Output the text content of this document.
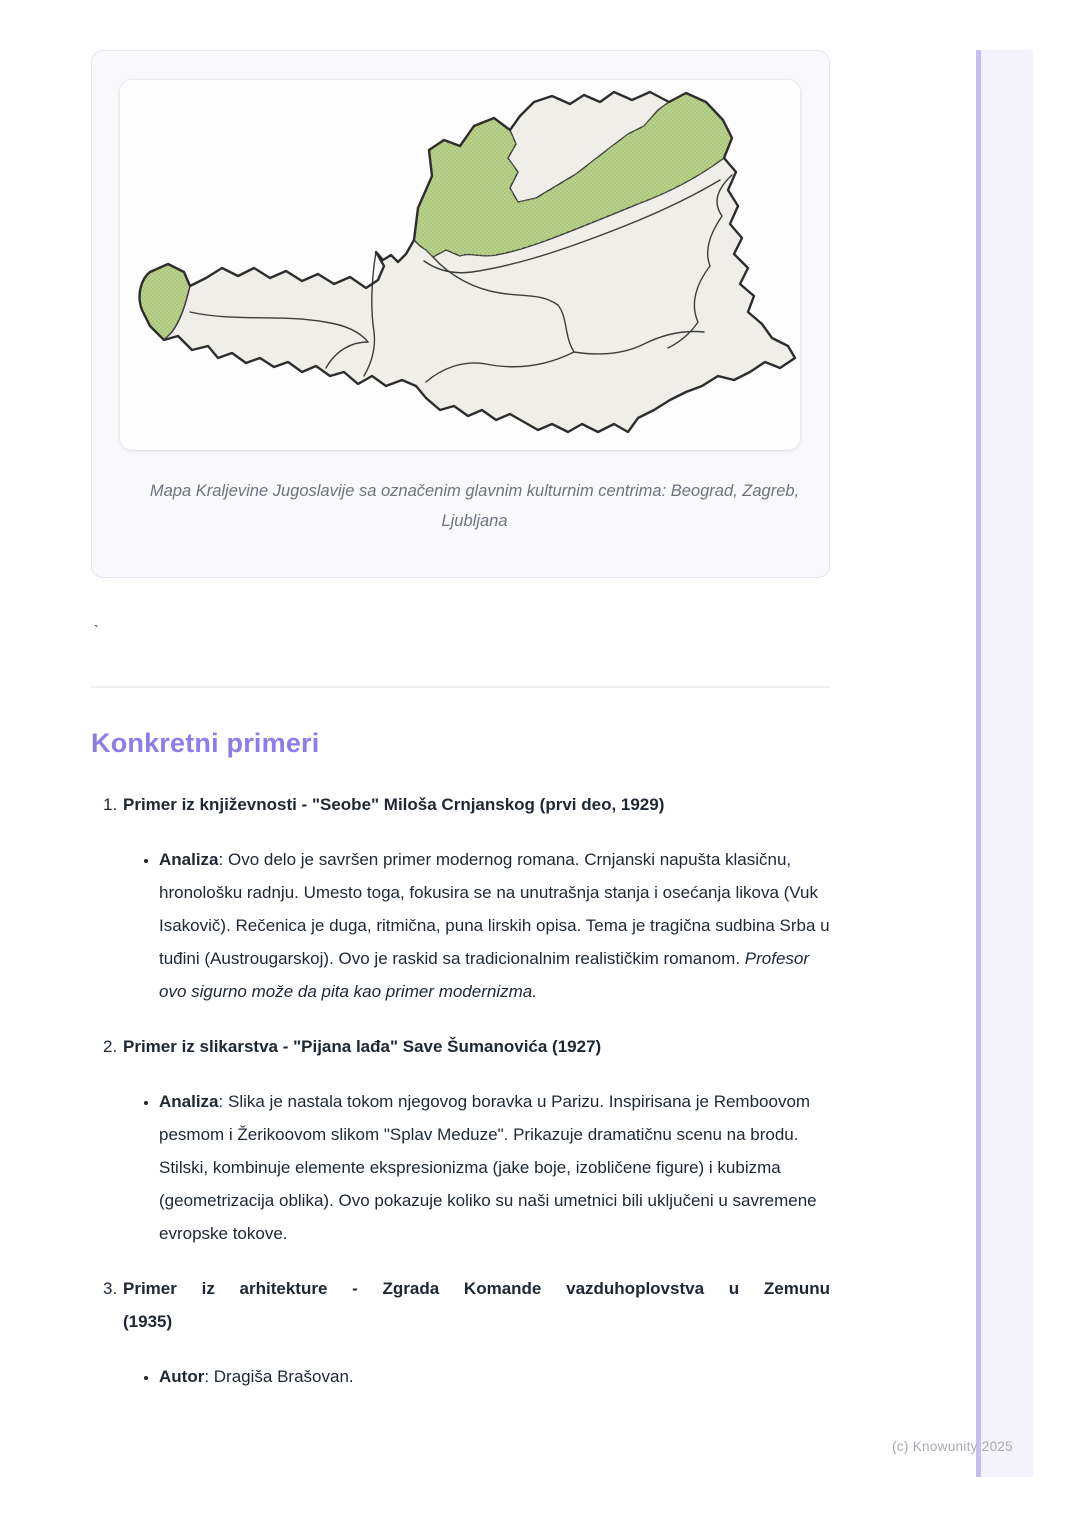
Mapa Kraljevine Jugoslavije sa označenim glavnim kulturnim centrima: Beograd, Zagreb, Ljubljana

`
Konkretni primeri
1. Primer iz književnosti - "Seobe" Miloša Crnjanskog (prvi deo, 1929)
• Analiza: Ovo delo je savršen primer modernog romana. Crnjanski napušta klasičnu, hronološku radnju. Umesto toga, fokusira se na unutrašnja stanja i osećanja likova (Vuk Isakovič). Rečenica je duga, ritmična, puna lirskih opisa. Tema je tragična sudbina Srba u tuđini (Austrougarskoj). Ovo je raskid sa tradicionalnim realističkim romanom. Profesor ovo sigurno može da pita kao primer modernizma.
2. Primer iz slikarstva - "Pijana lađa" Save Šumanovića (1927)
• Analiza: Slika je nastala tokom njegovog boravka u Parizu. Inspirisana je Remboovom pesmom i Žerikoovom slikom "Splav Meduze". Prikazuje dramatičnu scenu na brodu. Stilski, kombinuje elemente ekspresionizma (jake boje, izobličene figure) i kubizma (geometrizacija oblika). Ovo pokazuje koliko su naši umetnici bili uključeni u savremene evropske tokove.
3. Primer iz arhitekture - Zgrada Komande vazduhoplovstva u Zemunu
(1935)
• Autor: Dragiša Brašovan.
(c) Knowunity 2025
